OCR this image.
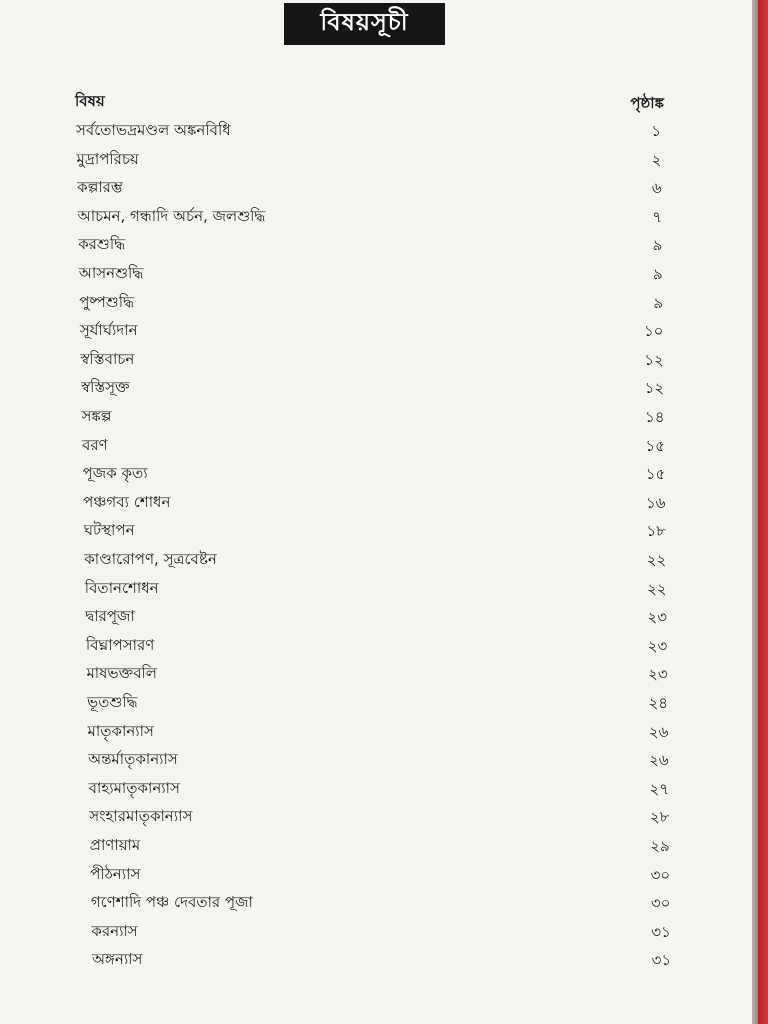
বিষয়সূচী
বিষয়	পৃষ্ঠাঙ্ক
সর্বতোভদ্রমণ্ডল অঙ্কনবিধি	১
মুদ্রাপরিচয়	২
কল্পারম্ভ	৬
আচমন, গন্ধাদি অর্চন, জলশুদ্ধি	৭
করশুদ্ধি	৯
আসনশুদ্ধি	৯
পুষ্পশুদ্ধি	৯
সূর্যার্ঘ্যদান	১০
স্বস্তিবাচন	১২
স্বস্তিসূক্ত	১২
সঙ্কল্প	১৪
বরণ	১৫
পূজক কৃত্য	১৫
পঞ্চগব্য শোধন	১৬
ঘটস্থাপন	১৮
কাণ্ডারোপণ, সূত্রবেষ্টন	২২
বিতানশোধন	২২
দ্বারপূজা	২৩
বিঘ্নাপসারণ	২৩
মাষভক্তবলি	২৩
ভূতশুদ্ধি	২৪
মাতৃকান্যাস	২৬
অন্তর্মাতৃকান্যাস	২৬
বাহ্যমাতৃকান্যাস	২৭
সংহারমাতৃকান্যাস	২৮
প্রাণায়াম	২৯
পীঠন্যাস	৩০
গণেশাদি পঞ্চ দেবতার পূজা	৩০
করন্যাস	৩১
অঙ্গন্যাস	৩১
